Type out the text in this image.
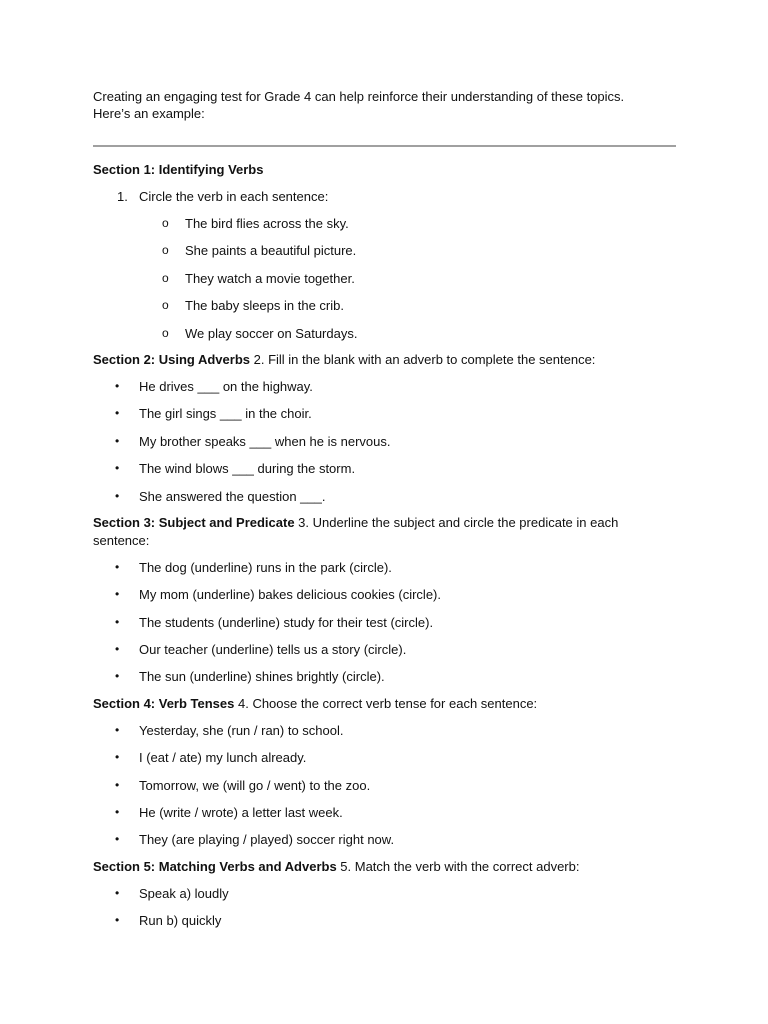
Creating an engaging test for Grade 4 can help reinforce their understanding of these topics.
Here’s an example:

Section 1: Identifying Verbs

1. Circle the verb in each sentence:
o The bird flies across the sky.
o She paints a beautiful picture.
o They watch a movie together.
o The baby sleeps in the crib.
o We play soccer on Saturdays.

Section 2: Using Adverbs 2. Fill in the blank with an adverb to complete the sentence:

• He drives ___ on the highway.
• The girl sings ___ in the choir.
• My brother speaks ___ when he is nervous.
• The wind blows ___ during the storm.
• She answered the question ___.

Section 3: Subject and Predicate 3. Underline the subject and circle the predicate in each sentence:

• The dog (underline) runs in the park (circle).
• My mom (underline) bakes delicious cookies (circle).
• The students (underline) study for their test (circle).
• Our teacher (underline) tells us a story (circle).
• The sun (underline) shines brightly (circle).

Section 4: Verb Tenses 4. Choose the correct verb tense for each sentence:

• Yesterday, she (run / ran) to school.
• I (eat / ate) my lunch already.
• Tomorrow, we (will go / went) to the zoo.
• He (write / wrote) a letter last week.
• They (are playing / played) soccer right now.

Section 5: Matching Verbs and Adverbs 5. Match the verb with the correct adverb:

• Speak a) loudly
• Run b) quickly
